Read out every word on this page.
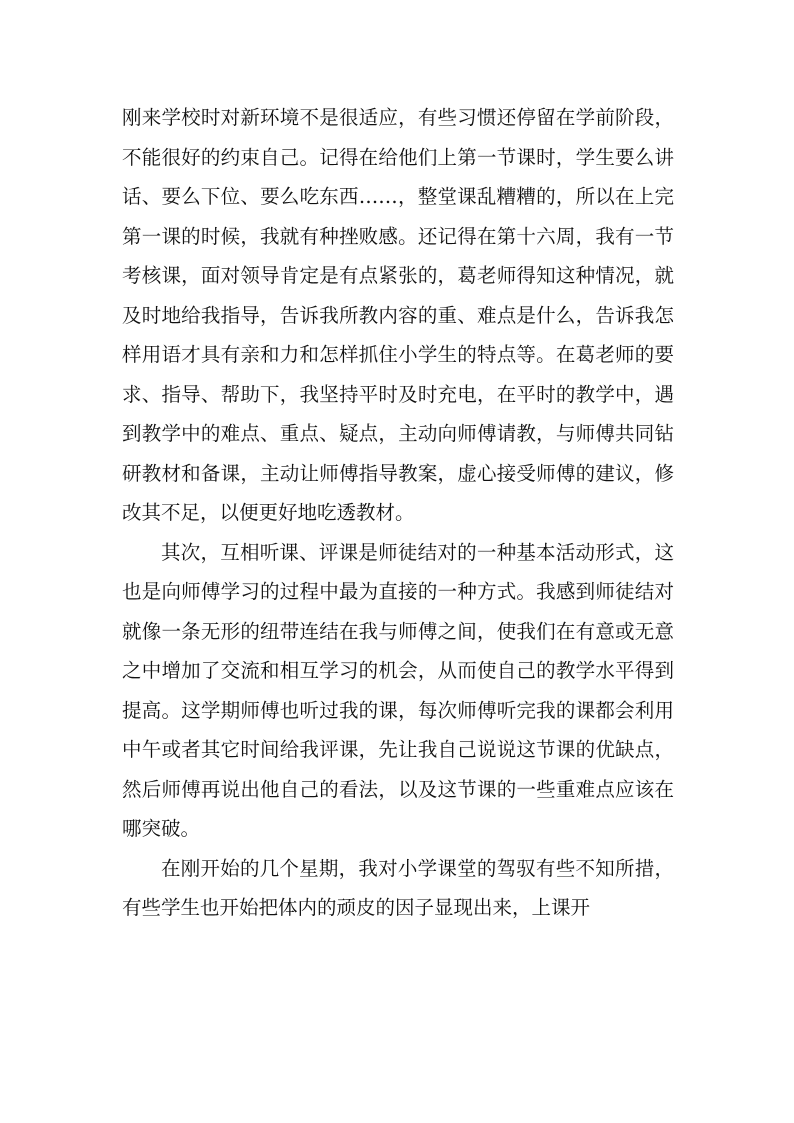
刚来学校时对新环境不是很适应，有些习惯还停留在学前阶段，不能很好的约束自己。记得在给他们上第一节课时，学生要么讲话、要么下位、要么吃东西……，整堂课乱糟糟的，所以在上完第一课的时候，我就有种挫败感。还记得在第十六周，我有一节考核课，面对领导肯定是有点紧张的，葛老师得知这种情况，就及时地给我指导，告诉我所教内容的重、难点是什么，告诉我怎样用语才具有亲和力和怎样抓住小学生的特点等。在葛老师的要求、指导、帮助下，我坚持平时及时充电，在平时的教学中，遇到教学中的难点、重点、疑点，主动向师傅请教，与师傅共同钻研教材和备课，主动让师傅指导教案，虚心接受师傅的建议，修改其不足，以便更好地吃透教材。

其次，互相听课、评课是师徒结对的一种基本活动形式，这也是向师傅学习的过程中最为直接的一种方式。我感到师徒结对就像一条无形的纽带连结在我与师傅之间，使我们在有意或无意之中增加了交流和相互学习的机会，从而使自己的教学水平得到提高。这学期师傅也听过我的课，每次师傅听完我的课都会利用中午或者其它时间给我评课，先让我自己说说这节课的优缺点，然后师傅再说出他自己的看法，以及这节课的一些重难点应该在哪突破。

在刚开始的几个星期，我对小学课堂的驾驭有些不知所措，有些学生也开始把体内的顽皮的因子显现出来，上课开
